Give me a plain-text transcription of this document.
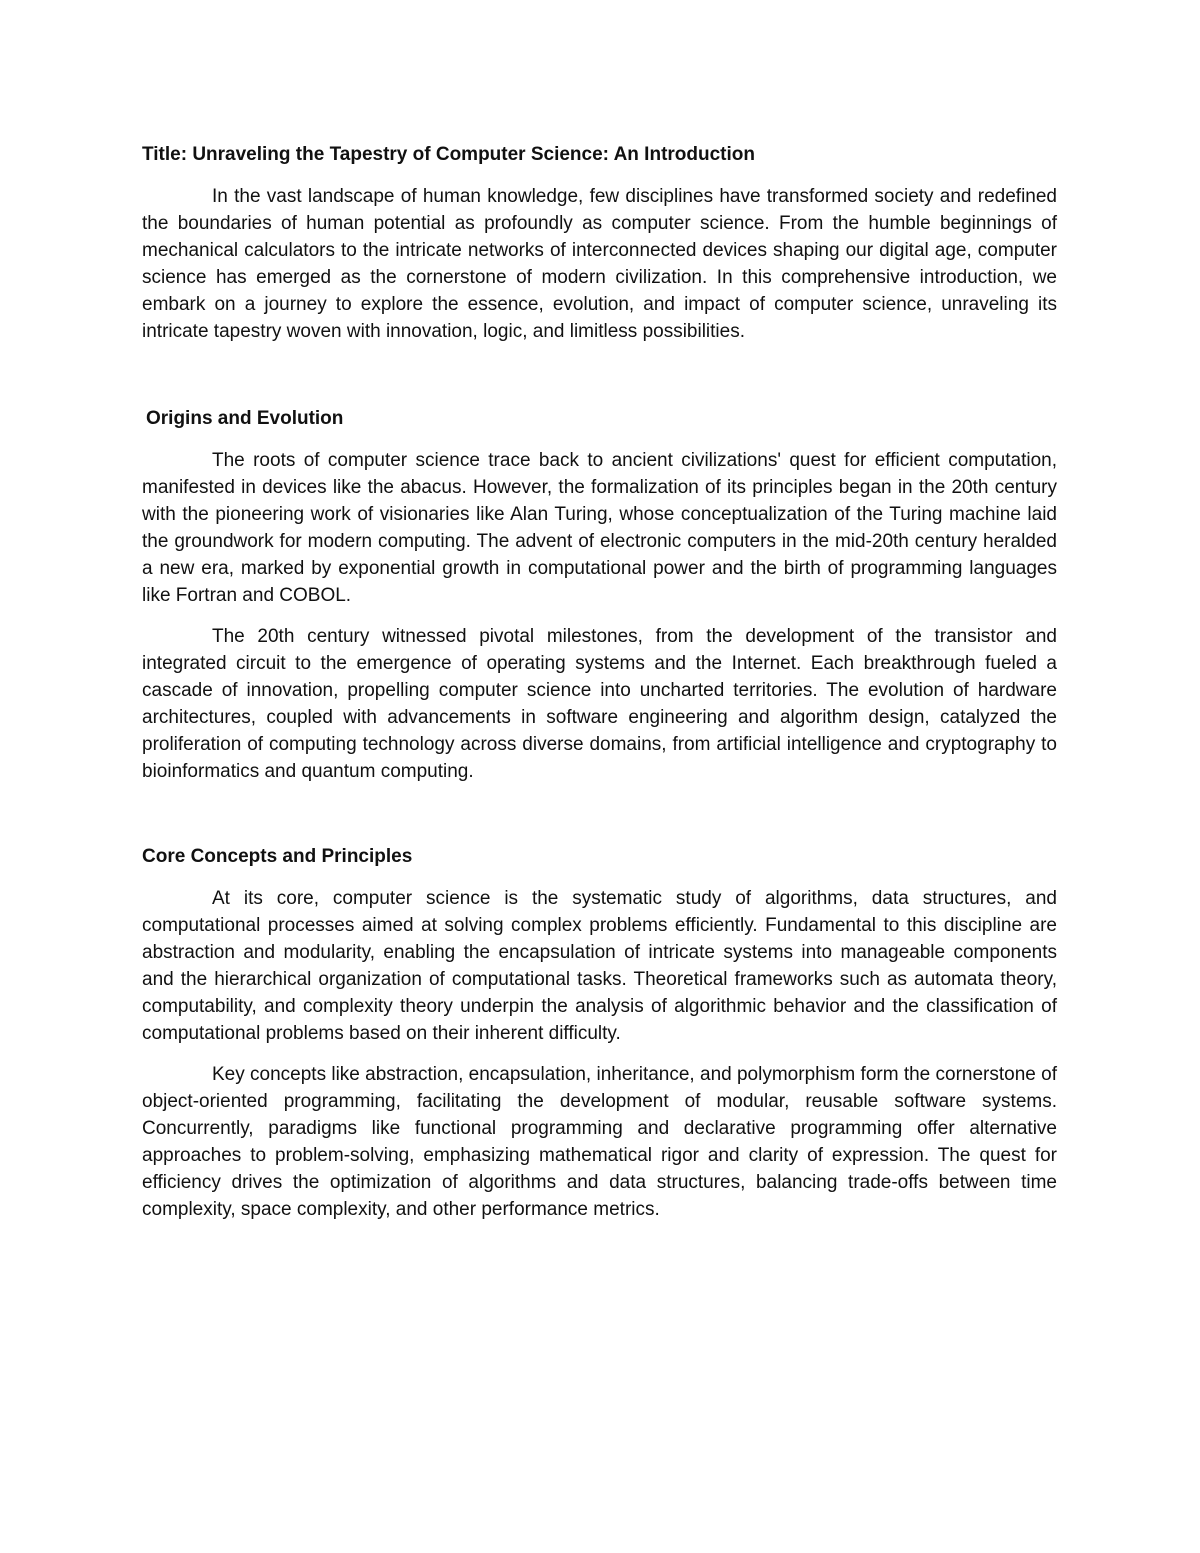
Title: Unraveling the Tapestry of Computer Science: An Introduction

In the vast landscape of human knowledge, few disciplines have transformed society and redefined the boundaries of human potential as profoundly as computer science. From the humble beginnings of mechanical calculators to the intricate networks of interconnected devices shaping our digital age, computer science has emerged as the cornerstone of modern civilization. In this comprehensive introduction, we embark on a journey to explore the essence, evolution, and impact of computer science, unraveling its intricate tapestry woven with innovation, logic, and limitless possibilities.

Origins and Evolution

The roots of computer science trace back to ancient civilizations' quest for efficient computation, manifested in devices like the abacus. However, the formalization of its principles began in the 20th century with the pioneering work of visionaries like Alan Turing, whose conceptualization of the Turing machine laid the groundwork for modern computing. The advent of electronic computers in the mid-20th century heralded a new era, marked by exponential growth in computational power and the birth of programming languages like Fortran and COBOL.

The 20th century witnessed pivotal milestones, from the development of the transistor and integrated circuit to the emergence of operating systems and the Internet. Each breakthrough fueled a cascade of innovation, propelling computer science into uncharted territories. The evolution of hardware architectures, coupled with advancements in software engineering and algorithm design, catalyzed the proliferation of computing technology across diverse domains, from artificial intelligence and cryptography to bioinformatics and quantum computing.

Core Concepts and Principles

At its core, computer science is the systematic study of algorithms, data structures, and computational processes aimed at solving complex problems efficiently. Fundamental to this discipline are abstraction and modularity, enabling the encapsulation of intricate systems into manageable components and the hierarchical organization of computational tasks. Theoretical frameworks such as automata theory, computability, and complexity theory underpin the analysis of algorithmic behavior and the classification of computational problems based on their inherent difficulty.

Key concepts like abstraction, encapsulation, inheritance, and polymorphism form the cornerstone of object-oriented programming, facilitating the development of modular, reusable software systems. Concurrently, paradigms like functional programming and declarative programming offer alternative approaches to problem-solving, emphasizing mathematical rigor and clarity of expression. The quest for efficiency drives the optimization of algorithms and data structures, balancing trade-offs between time complexity, space complexity, and other performance metrics.
